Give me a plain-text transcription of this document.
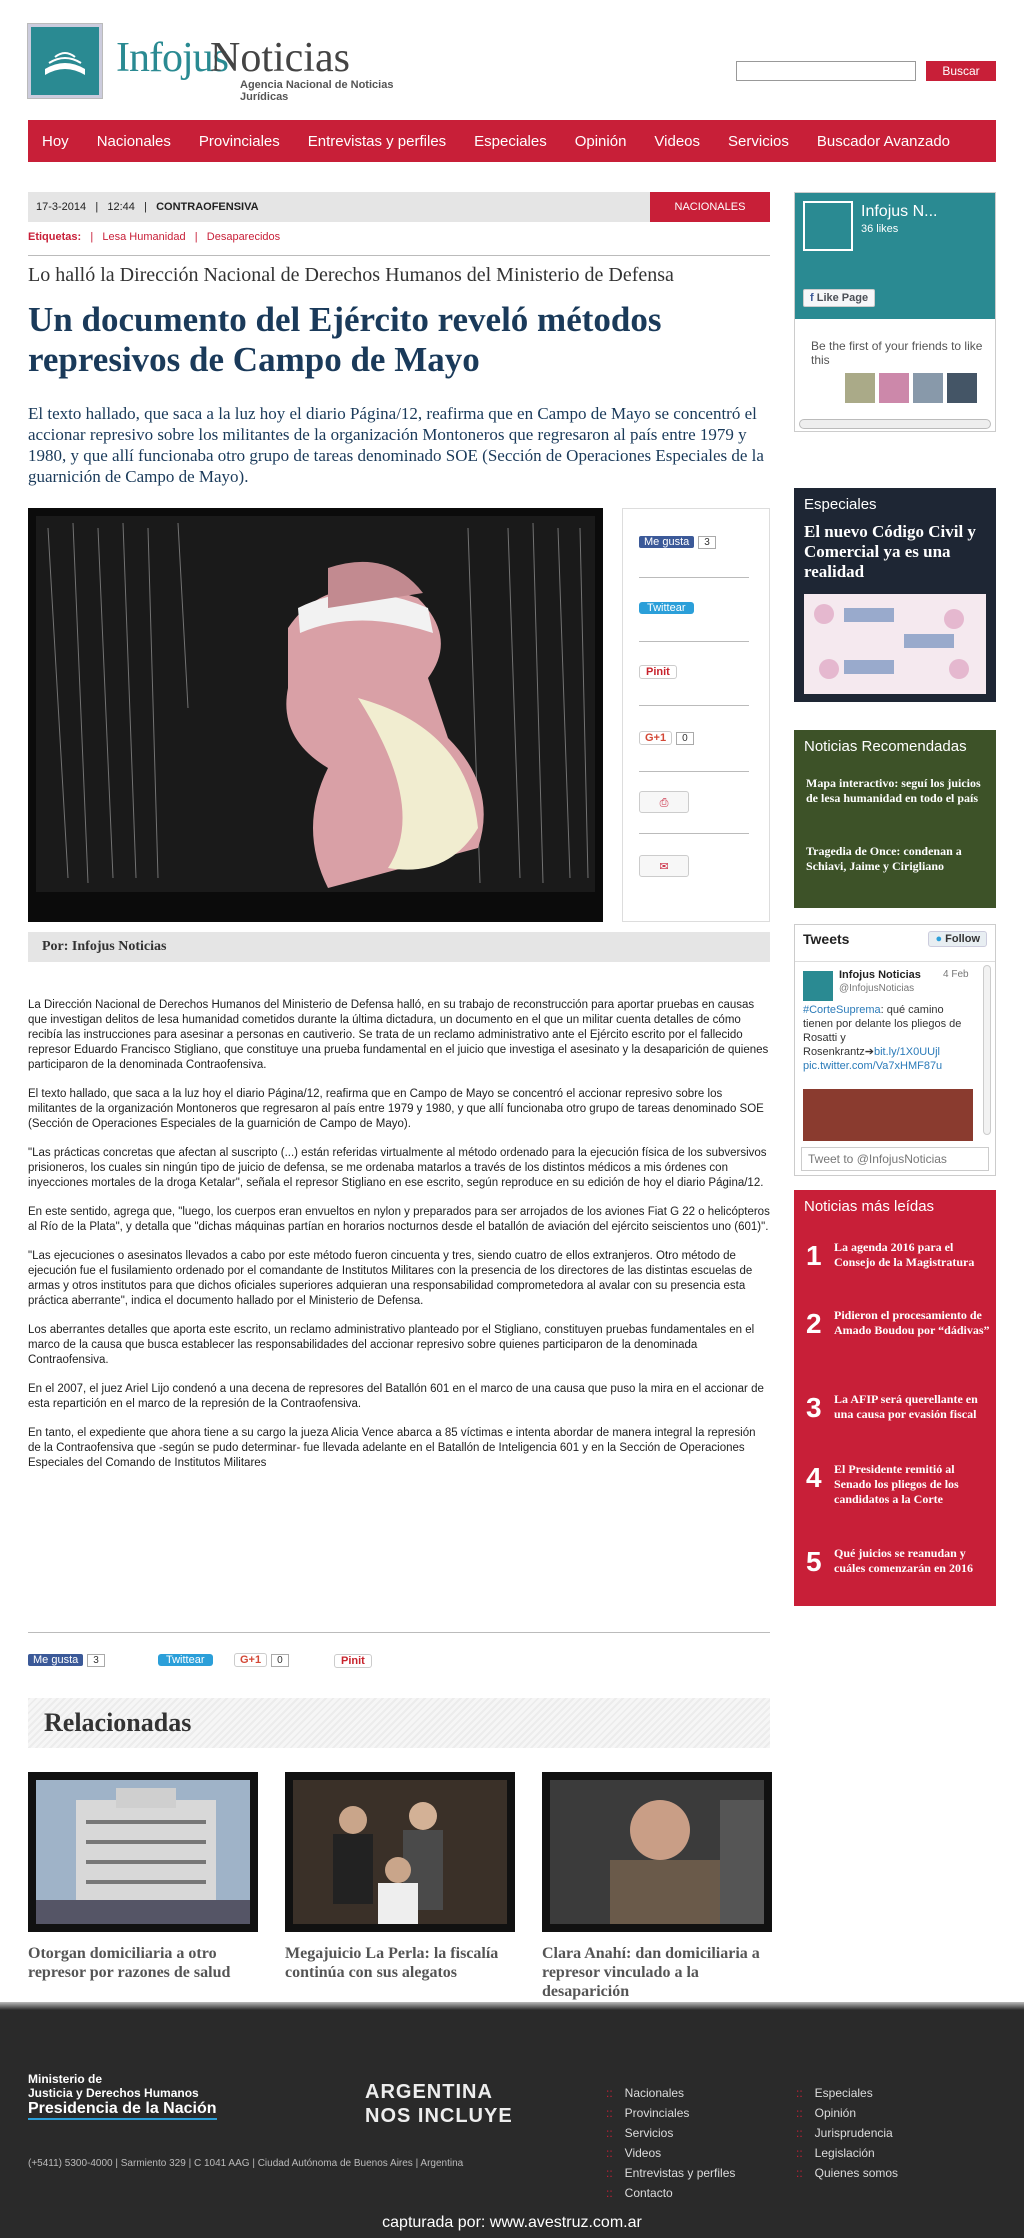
Infojus
Noticias
Agencia Nacional de Noticias Jurídicas
Buscar
Hoy Nacionales Provinciales Entrevistas y perfiles Especiales Opinión Videos Servicios Buscador Avanzado
17-3-2014   |   12:44   |   CONTRAOFENSIVA	NACIONALES
Etiquetas:   |   Lesa Humanidad   |   Desaparecidos
Lo halló la Dirección Nacional de Derechos Humanos del Ministerio de Defensa
Un documento del Ejército reveló métodos represivos de Campo de Mayo
El texto hallado, que saca a la luz hoy el diario Página/12, reafirma que en Campo de Mayo se concentró el accionar represivo sobre los militantes de la organización Montoneros que regresaron al país entre 1979 y 1980, y que allí funcionaba otro grupo de tareas denominado SOE (Sección de Operaciones Especiales de la guarnición de Campo de Mayo).
Me gusta 3
Twittear
Pinit
G+1 0
⎙
✉
Por: Infojus Noticias

La Dirección Nacional de Derechos Humanos del Ministerio de Defensa halló, en su trabajo de reconstrucción para aportar pruebas en causas que investigan delitos de lesa humanidad cometidos durante la última dictadura, un documento en el que un militar cuenta detalles de cómo recibía las instrucciones para asesinar a personas en cautiverio. Se trata de un reclamo administrativo ante el Ejército escrito por el fallecido represor Eduardo Francisco Stigliano, que constituye una prueba fundamental en el juicio que investiga el asesinato y la desaparición de quienes participaron de la denominada Contraofensiva.

El texto hallado, que saca a la luz hoy el diario Página/12, reafirma que en Campo de Mayo se concentró el accionar represivo sobre los militantes de la organización Montoneros que regresaron al país entre 1979 y 1980, y que allí funcionaba otro grupo de tareas denominado SOE (Sección de Operaciones Especiales de la guarnición de Campo de Mayo).

"Las prácticas concretas que afectan al suscripto (...) están referidas virtualmente al método ordenado para la ejecución física de los subversivos prisioneros, los cuales sin ningún tipo de juicio de defensa, se me ordenaba matarlos a través de los distintos médicos a mis órdenes con inyecciones mortales de la droga Ketalar", señala el represor Stigliano en ese escrito, según reproduce en su edición de hoy el diario Página/12.

En este sentido, agrega que, "luego, los cuerpos eran envueltos en nylon y preparados para ser arrojados de los aviones Fiat G 22 o helicópteros al Río de la Plata", y detalla que "dichas máquinas partían en horarios nocturnos desde el batallón de aviación del ejército seiscientos uno (601)".

"Las ejecuciones o asesinatos llevados a cabo por este método fueron cincuenta y tres, siendo cuatro de ellos extranjeros. Otro método de ejecución fue el fusilamiento ordenado por el comandante de Institutos Militares con la presencia de los directores de las distintas escuelas de armas y otros institutos para que dichos oficiales superiores adquieran una responsabilidad comprometedora al avalar con su presencia esta práctica aberrante", indica el documento hallado por el Ministerio de Defensa.

Los aberrantes detalles que aporta este escrito, un reclamo administrativo planteado por el Stigliano, constituyen pruebas fundamentales en el marco de la causa que busca establecer las responsabilidades del accionar represivo sobre quienes participaron de la denominada Contraofensiva.

En el 2007, el juez Ariel Lijo condenó a una decena de represores del Batallón 601 en el marco de una causa que puso la mira en el accionar de esta repartición en el marco de la represión de la Contraofensiva.

En tanto, el expediente que ahora tiene a su cargo la jueza Alicia Vence abarca a 85 víctimas e intenta abordar de manera integral la represión de la Contraofensiva que -según se pudo determinar- fue llevada adelante en el Batallón de Inteligencia 601 y en la Sección de Operaciones Especiales del Comando de Institutos Militares

Me gusta 3	Twittear	G+1 0	Pinit
Relacionadas
Otorgan domiciliaria a otro represor por razones de salud
Megajuicio La Perla: la fiscalía continúa con sus alegatos
Clara Anahí: dan domiciliaria a represor vinculado a la desaparición
Infojus N...
36 likes
f Like Page
Be the first of your friends to like this
Especiales
El nuevo Código Civil y Comercial ya es una realidad
Noticias Recomendadas
Mapa interactivo: seguí los juicios de lesa humanidad en todo el país
Tragedia de Once: condenan a Schiavi, Jaime y Cirigliano
Tweets	● Follow
Infojus Noticias 4 Feb
@InfojusNoticias
#CorteSuprema: qué camino tienen por delante los pliegos de Rosatti y Rosenkrantz➔bit.ly/1X0UUjl
pic.twitter.com/Va7xHMF87u
Tweet to @InfojusNoticias
Noticias más leídas
1 La agenda 2016 para el Consejo de la Magistratura
2 Pidieron el procesamiento de Amado Boudou por “dádivas”
3 La AFIP será querellante en una causa por evasión fiscal
4 El Presidente remitió al Senado los pliegos de los candidatos a la Corte
5 Qué juicios se reanudan y cuáles comenzarán en 2016
Ministerio de
Justicia y Derechos Humanos
Presidencia de la Nación
ARGENTINA
NOS INCLUYE
(+5411) 5300-4000 | Sarmiento 329 | C 1041 AAG | Ciudad Autónoma de Buenos Aires | Argentina
:: Nacionales
:: Provinciales
:: Servicios
:: Videos
:: Entrevistas y perfiles
:: Contacto
:: Especiales
:: Opinión
:: Jurisprudencia
:: Legislación
:: Quienes somos
capturada por: www.avestruz.com.ar
